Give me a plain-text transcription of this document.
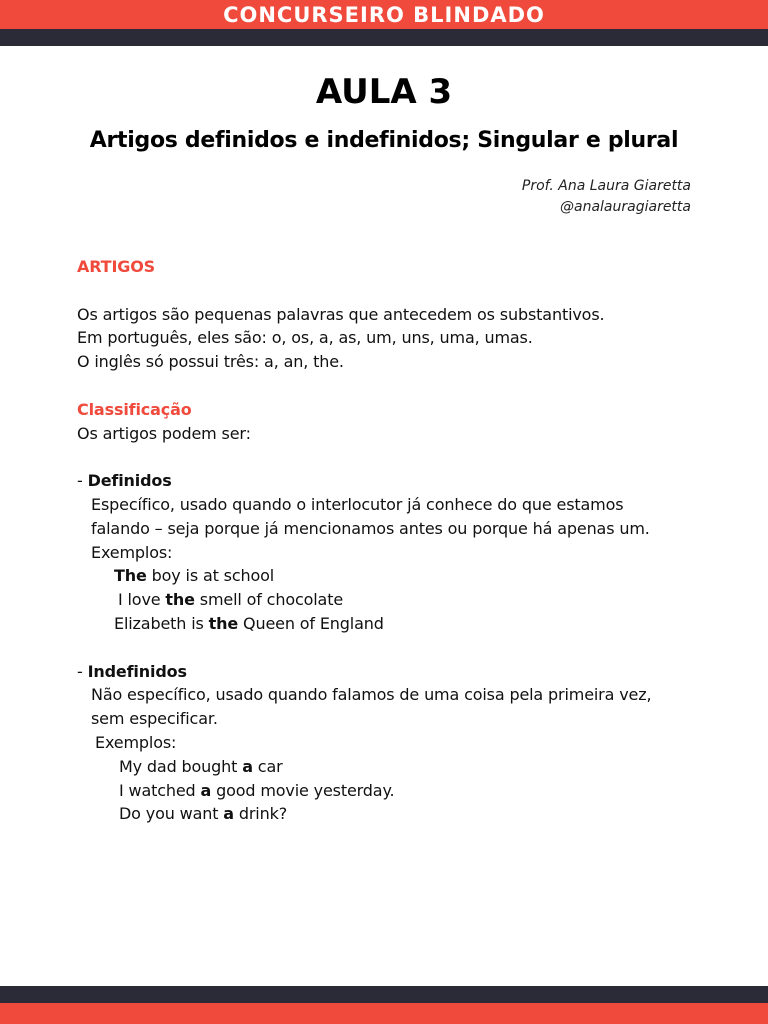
CONCURSEIRO BLINDADO
AULA 3
Artigos definidos e indefinidos; Singular e plural
Prof. Ana Laura Giaretta
@analauragiaretta
ARTIGOS
Os artigos são pequenas palavras que antecedem os substantivos.
Em português, eles são: o, os, a, as, um, uns, uma, umas.
O inglês só possui três: a, an, the.
Classificação
Os artigos podem ser:
- Definidos
Específico, usado quando o interlocutor já conhece do que estamos
falando – seja porque já mencionamos antes ou porque há apenas um.
Exemplos:
The boy is at school
I love the smell of chocolate
Elizabeth is the Queen of England
- Indefinidos
Não específico, usado quando falamos de uma coisa pela primeira vez,
sem especificar.
Exemplos:
My dad bought a car
I watched a good movie yesterday.
Do you want a drink?
